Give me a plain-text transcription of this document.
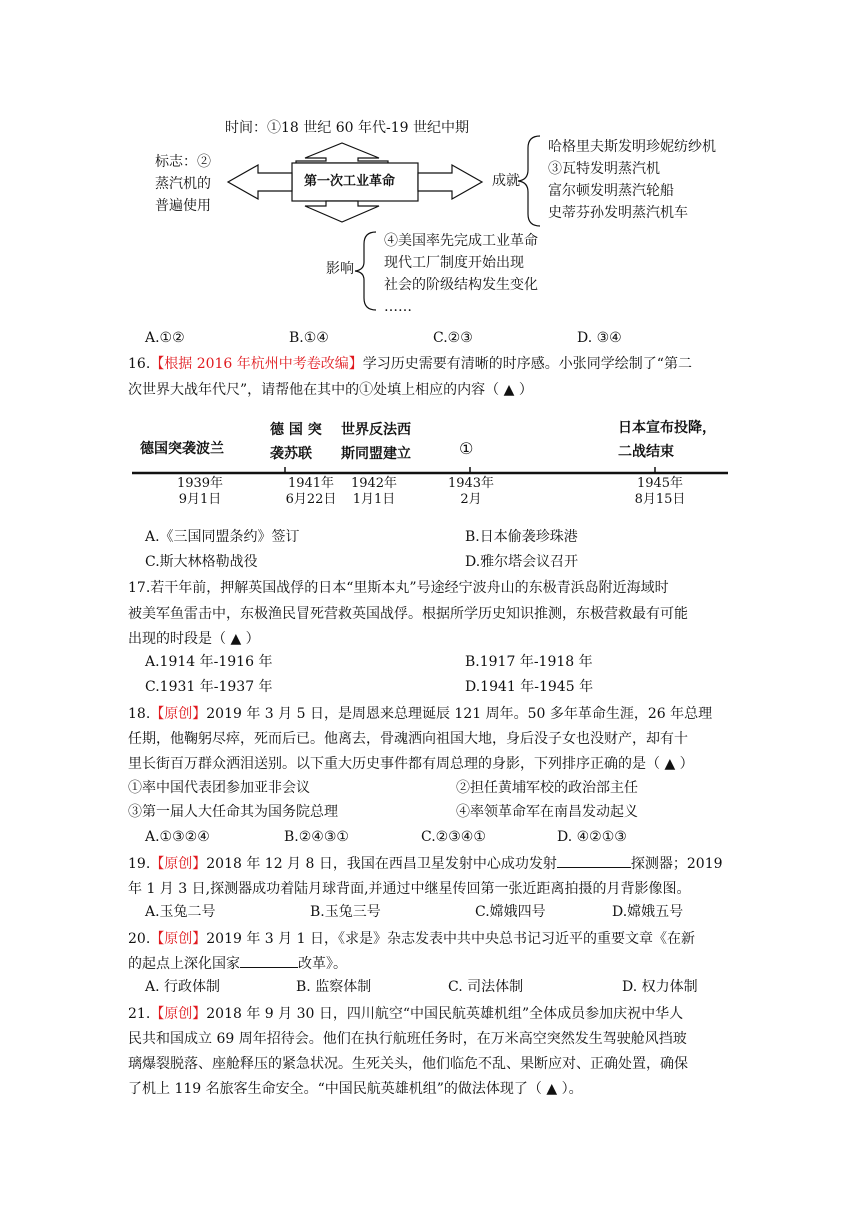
时间：①18 世纪 60 年代-19 世纪中期
第一次工业革命
标志：②
蒸汽机的
普遍使用
成就
哈格里夫斯发明珍妮纺纱机
③瓦特发明蒸汽机
富尔顿发明蒸汽轮船
史蒂芬孙发明蒸汽机车
影响
④美国率先完成工业革命
现代工厂制度开始出现
社会的阶级结构发生变化
……
A.①②	B.①④	C.②③	D. ③④
16.【根据 2016 年杭州中考卷改编】学习历史需要有清晰的时序感。小张同学绘制了“第二
次世界大战年代尺”，请帮他在其中的①处填上相应的内容（ ▲ ）
德国突袭波兰
德 国 突
袭苏联
世界反法西
斯同盟建立	①
日本宣布投降，
二战结束
1939年
9月1日
1941年
6月22日
1942年
1月1日
1943年
2月
1945年
8月15日
A.《三国同盟条约》签订	B.日本偷袭珍珠港
C.斯大林格勒战役	D.雅尔塔会议召开
17.若干年前，押解英国战俘的日本“里斯本丸”号途经宁波舟山的东极青浜岛附近海域时
被美军鱼雷击中，东极渔民冒死营救英国战俘。根据所学历史知识推测，东极营救最有可能
出现的时段是（ ▲ ）
A.1914 年-1916 年	B.1917 年-1918 年
C.1931 年-1937 年	D.1941 年-1945 年
18.【原创】2019 年 3 月 5 日，是周恩来总理诞辰 121 周年。50 多年革命生涯，26 年总理
任期，他鞠躬尽瘁，死而后已。他离去，骨魂洒向祖国大地，身后没子女也没财产，却有十
里长街百万群众洒泪送别。以下重大历史事件都有周总理的身影，下列排序正确的是（ ▲ ）
①率中国代表团参加亚非会议	②担任黄埔军校的政治部主任
③第一届人大任命其为国务院总理	④率领革命军在南昌发动起义
A.①③②④	B.②④③①	C.②③④①	D. ④②①③
19.【原创】2018 年 12 月 8 日，我国在西昌卫星发射中心成功发射	探测器；2019
年 1 月 3 日,探测器成功着陆月球背面,并通过中继星传回第一张近距离拍摄的月背影像图。
A.玉兔二号	B.玉兔三号	C.嫦娥四号	D.嫦娥五号
20.【原创】2019 年 3 月 1 日，《求是》杂志发表中共中央总书记习近平的重要文章《在新
的起点上深化国家	改革》。
A. 行政体制	B. 监察体制	C. 司法体制	D. 权力体制
21.【原创】2018 年 9 月 30 日，四川航空“中国民航英雄机组”全体成员参加庆祝中华人
民共和国成立 69 周年招待会。他们在执行航班任务时，在万米高空突然发生驾驶舱风挡玻
璃爆裂脱落、座舱释压的紧急状况。生死关头，他们临危不乱、果断应对、正确处置，确保
了机上 119 名旅客生命安全。“中国民航英雄机组”的做法体现了（ ▲ ）。
